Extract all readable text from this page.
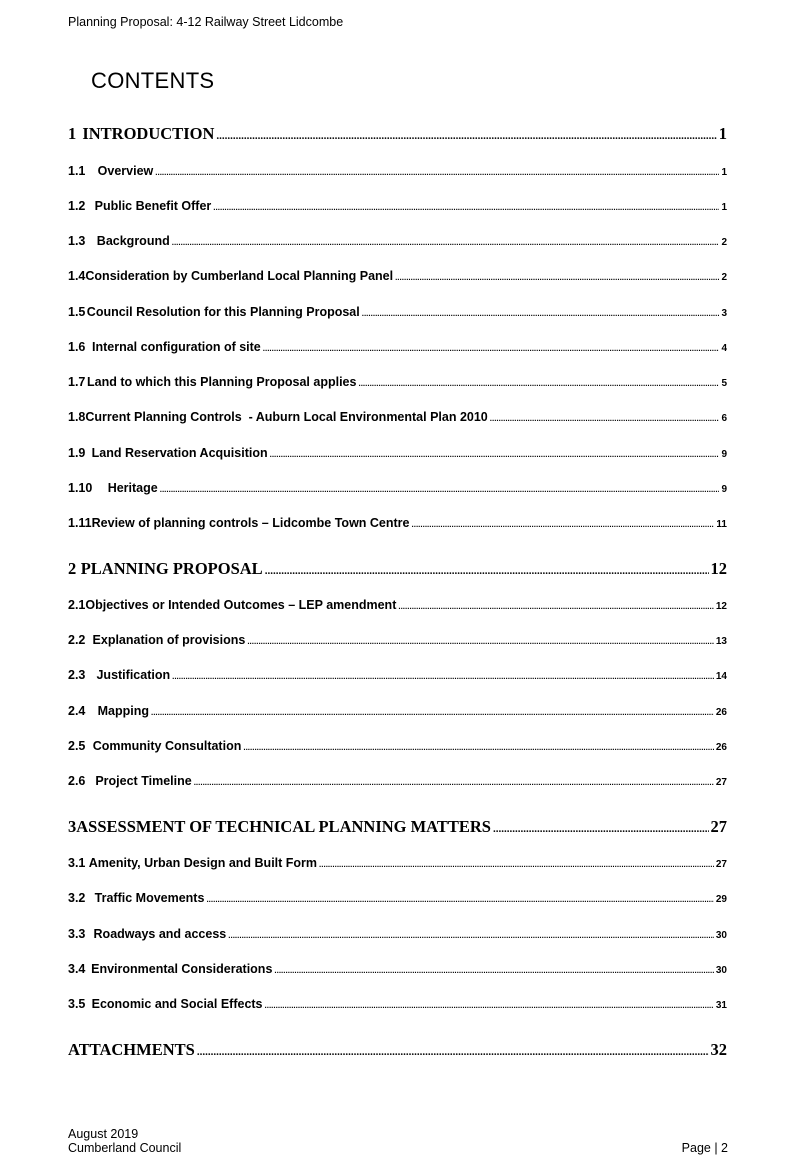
Planning Proposal: 4-12 Railway Street Lidcombe
CONTENTS
1 INTRODUCTION .....	1
1.1 Overview .....	1
1.2 Public Benefit Offer .....	1
1.3 Background .....	2
1.4 Consideration by Cumberland Local Planning Panel .....	2
1.5 Council Resolution for this Planning Proposal .....	3
1.6 Internal configuration of site .....	4
1.7 Land to which this Planning Proposal applies .....	5
1.8 Current Planning Controls  - Auburn Local Environmental Plan 2010 .....	6
1.9 Land Reservation Acquisition .....	9
1.10	Heritage .....	9
1.11 Review of planning controls – Lidcombe Town Centre .....	11
2 PLANNING PROPOSAL .....	12
2.1 Objectives or Intended Outcomes – LEP amendment .....	12
2.2 Explanation of provisions .....	13
2.3 Justification .....	14
2.4 Mapping .....	26
2.5 Community Consultation .....	26
2.6 Project Timeline .....	27
3 ASSESSMENT OF TECHNICAL PLANNING MATTERS .....	27
3.1 Amenity, Urban Design and Built Form .....	27
3.2 Traffic Movements .....	29
3.3 Roadways and access .....	30
3.4 Environmental Considerations .....	30
3.5 Economic and Social Effects .....	31
ATTACHMENTS .....	32
August 2019
Cumberland Council	Page | 2
